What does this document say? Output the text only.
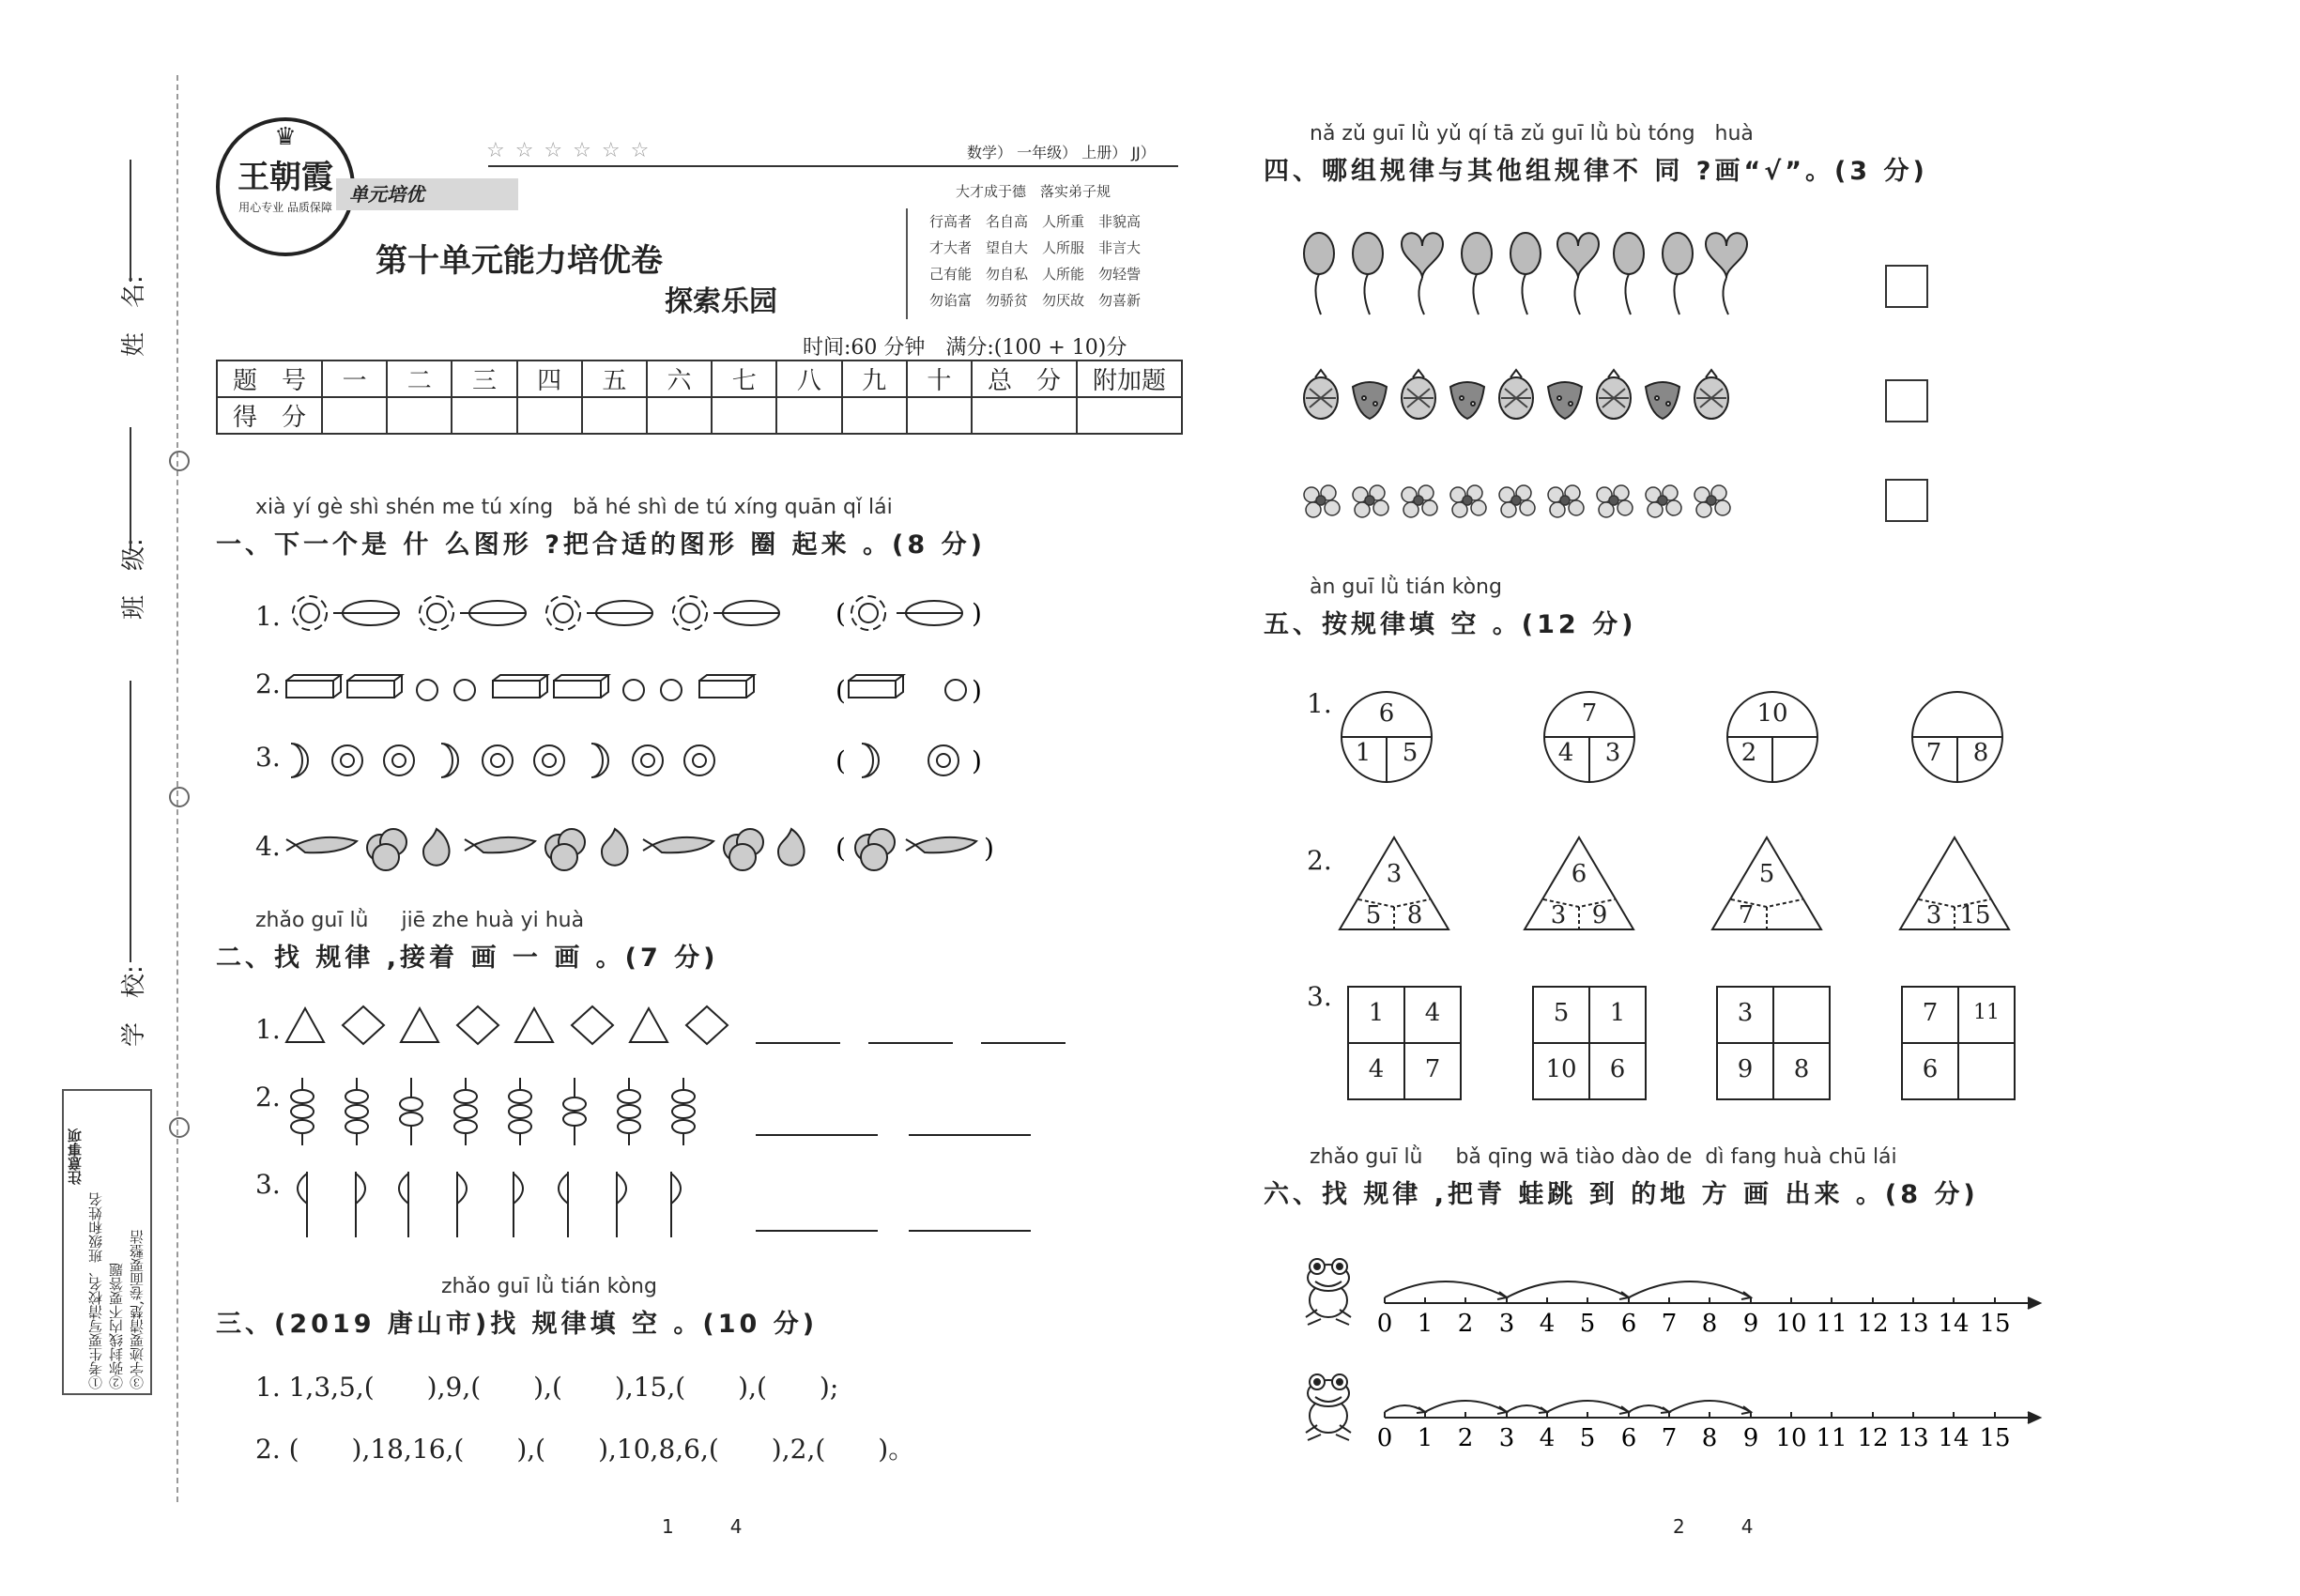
姓　名:
班　级:
学　校:
注意事项
①考生要写清校名、班级和姓名 ②弥封线内不要答题 ③字迹要清楚,卷面要整洁
♛
王朝霞
用心专业 品质保障
☆ ☆ ☆ ☆ ☆ ☆	数学） 一年级） 上册） JJ）
单元培优
第十单元能力培优卷
探索乐园
大才成于德　落实弟子规
行高者　名自高　人所重　非貌高
才大者　望自大　人所服　非言大
己有能　勿自私　人所能　勿轻訾
勿谄富　勿骄贫　勿厌故　勿喜新
时间:60 分钟　满分:(100 + 10)分
题　号	一	二	三	四	五	六	七	八	九	十	总　分	附加题
得　分												
xià yí gè shì shén me tú xíng   bǎ hé shì de tú xíng quān qǐ lái
一、下一个是 什 么图形 ?把合适的图形 圈 起来 。(8 分)
1.
2.
3.
4.
(	)
(	)
(	)
(	)
zhǎo guī lǜ     jiē zhe huà yi huà
二、找 规律 ,接着 画 一 画 。(7 分)
1.
2.
3.
zhǎo guī lǜ tián kòng
三、(2019 唐山市)找 规律填 空 。(10 分)
1. 1,3,5,(　　),9,(　　),(　　),15,(　　),(　　);
2. (　　),18,16,(　　),(　　),10,8,6,(　　),2,(　　)。
1　　　4
nǎ zǔ guī lǜ yǔ qí tā zǔ guī lǜ bù tóng   huà
四、哪组规律与其他组规律不 同 ?画“√”。(3 分)
àn guī lǜ tián kòng
五、按规律填 空 。(12 分)
1.
2.
3.
6
1	5
7
4	3
10
2	7	8
3
5	8
6
3	9
5
7	3 15
1	4
4	7
5	1
10	6
3
9	8
7	11
6
zhǎo guī lǜ     bǎ qīng wā tiào dào de  dì fang huà chū lái
六、找 规律 ,把青 蛙跳 到 的地 方 画 出来 。(8 分)
0 1 2 3 4 5 6 7 8 9 10 11 12 13 14 15
0 1 2 3 4 5 6 7 8 9 10 11 12 13 14 15
2　　　4
